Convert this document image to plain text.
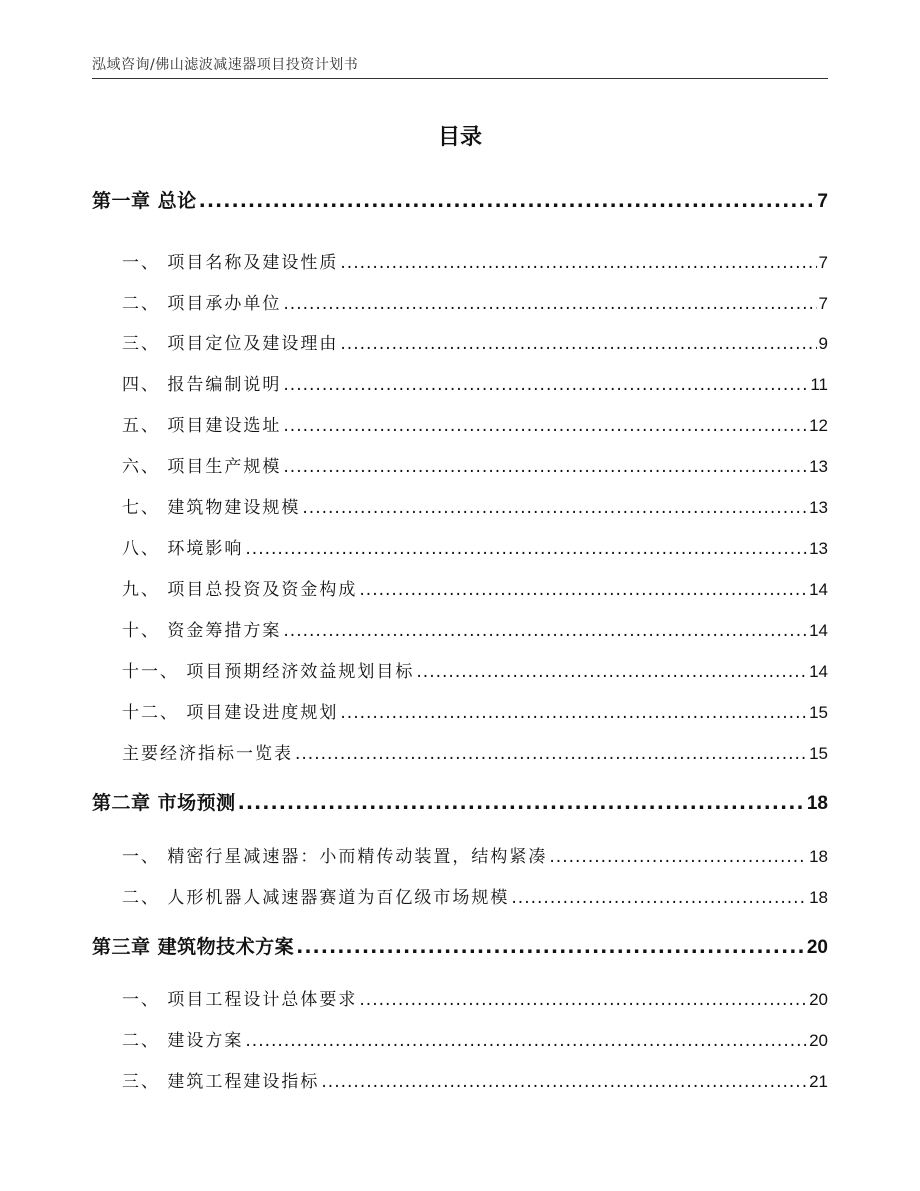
泓域咨询/佛山滤波减速器项目投资计划书
目录
第一章 总论 .....	7
一、 项目名称及建设性质 .....	7
二、 项目承办单位 .....	7
三、 项目定位及建设理由 .....	9
四、 报告编制说明 .....	11
五、 项目建设选址 .....	12
六、 项目生产规模 .....	13
七、 建筑物建设规模 .....	13
八、 环境影响 .....	13
九、 项目总投资及资金构成 .....	14
十、 资金筹措方案 .....	14
十一、 项目预期经济效益规划目标 .....	14
十二、 项目建设进度规划 .....	15
主要经济指标一览表 .....	15
第二章 市场预测 .....	18
一、 精密行星减速器：小而精传动装置，结构紧凑 .....	18
二、 人形机器人减速器赛道为百亿级市场规模 .....	18
第三章 建筑物技术方案 .....	20
一、 项目工程设计总体要求 .....	20
二、 建设方案 .....	20
三、 建筑工程建设指标 .....	21
